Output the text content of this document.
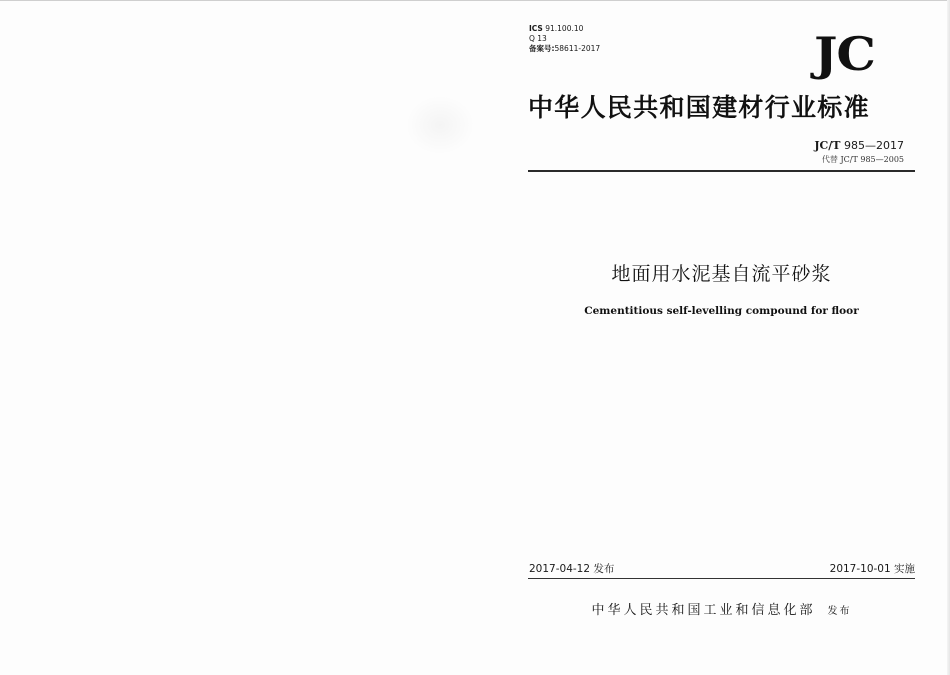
ICS 91.100.10
Q 13
备案号:58611-2017	JC
中华人民共和国建材行业标准
JC/T 985—2017
代替 JC/T 985—2005
地面用水泥基自流平砂浆
Cementitious self-levelling compound for floor
2017-04-12 发布	2017-10-01 实施
中华人民共和国工业和信息化部 发布
